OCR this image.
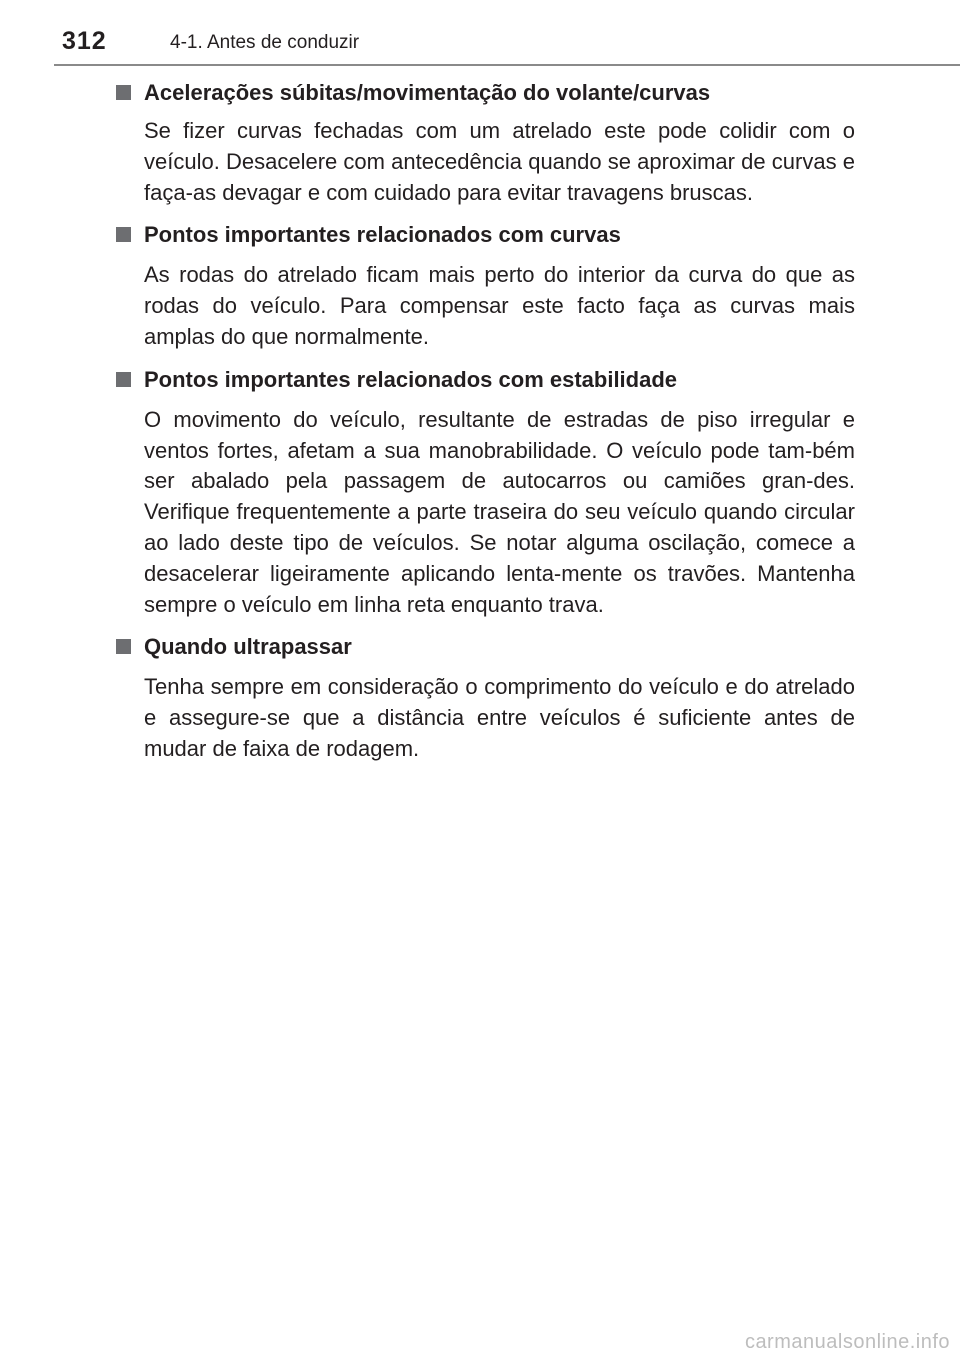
312	4-1. Antes de conduzir
Acelerações súbitas/movimentação do volante/curvas

Se fizer curvas fechadas com um atrelado este pode colidir com o veículo. Desacelere com antecedência quando se aproximar de curvas e faça-as devagar e com cuidado para evitar travagens bruscas.

Pontos importantes relacionados com curvas

As rodas do atrelado ficam mais perto do interior da curva do que as rodas do veículo. Para compensar este facto faça as curvas mais amplas do que normalmente.

Pontos importantes relacionados com estabilidade

O movimento do veículo, resultante de estradas de piso irregular e ventos fortes, afetam a sua manobrabilidade. O veículo pode tam-bém ser abalado pela passagem de autocarros ou camiões gran-des. Verifique frequentemente a parte traseira do seu veículo quando circular ao lado deste tipo de veículos. Se notar alguma oscilação, comece a desacelerar ligeiramente aplicando lenta-mente os travões. Mantenha sempre o veículo em linha reta enquanto trava.

Quando ultrapassar

Tenha sempre em consideração o comprimento do veículo e do atrelado e assegure-se que a distância entre veículos é suficiente antes de mudar de faixa de rodagem.

carmanualsonline.info
